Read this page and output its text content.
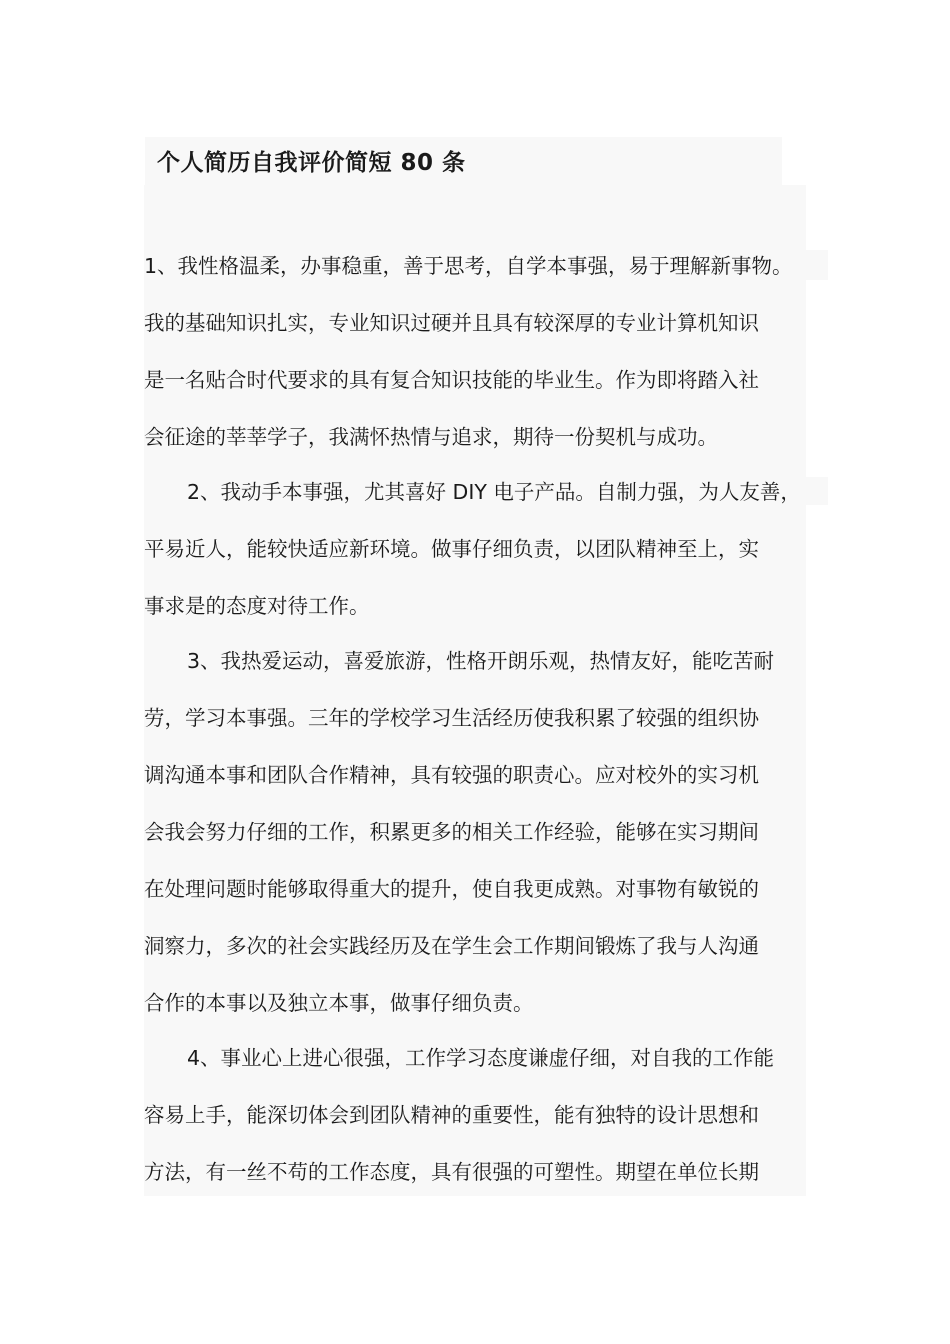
个人简历自我评价简短 80 条

1、我性格温柔，办事稳重，善于思考，自学本事强，易于理解新事物。

我的基础知识扎实，专业知识过硬并且具有较深厚的专业计算机知识

是一名贴合时代要求的具有复合知识技能的毕业生。作为即将踏入社

会征途的莘莘学子，我满怀热情与追求，期待一份契机与成功。

2、我动手本事强，尤其喜好 DIY 电子产品。自制力强，为人友善，

平易近人，能较快适应新环境。做事仔细负责，以团队精神至上，实

事求是的态度对待工作。

3、我热爱运动，喜爱旅游，性格开朗乐观，热情友好，能吃苦耐

劳，学习本事强。三年的学校学习生活经历使我积累了较强的组织协

调沟通本事和团队合作精神，具有较强的职责心。应对校外的实习机

会我会努力仔细的工作，积累更多的相关工作经验，能够在实习期间

在处理问题时能够取得重大的提升，使自我更成熟。对事物有敏锐的

洞察力，多次的社会实践经历及在学生会工作期间锻炼了我与人沟通

合作的本事以及独立本事，做事仔细负责。

4、事业心上进心很强，工作学习态度谦虚仔细，对自我的工作能

容易上手，能深切体会到团队精神的重要性，能有独特的设计思想和

方法，有一丝不苟的工作态度，具有很强的可塑性。期望在单位长期
